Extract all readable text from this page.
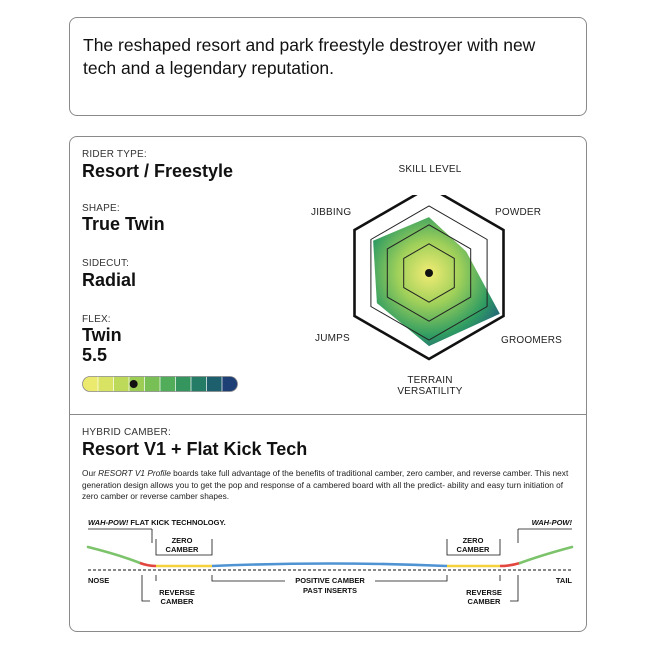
The reshaped resort and park freestyle destroyer with new tech and a legendary reputation.
RIDER TYPE:
Resort / Freestyle
SHAPE:
True Twin
SIDECUT:
Radial
FLEX:
Twin
5.5
SKILL LEVEL
POWDER
GROOMERS
TERRAIN
VERSATILITY
JUMPS
JIBBING
HYBRID CAMBER:
Resort V1 + Flat Kick Tech
Our RESORT V1 Profile boards take full advantage of the benefits of traditional camber, zero camber, and reverse camber. This next generation design allows you to get the pop and response of a cambered board with all the predict- ability and easy turn initiation of zero camber or reverse camber shapes.
WAH-POW! FLAT KICK TECHNOLOGY.	WAH-POW!
ZERO
CAMBER
ZERO
CAMBER
NOSE	TAIL
REVERSE
CAMBER
POSITIVE CAMBER
PAST INSERTS	REVERSE
CAMBER
